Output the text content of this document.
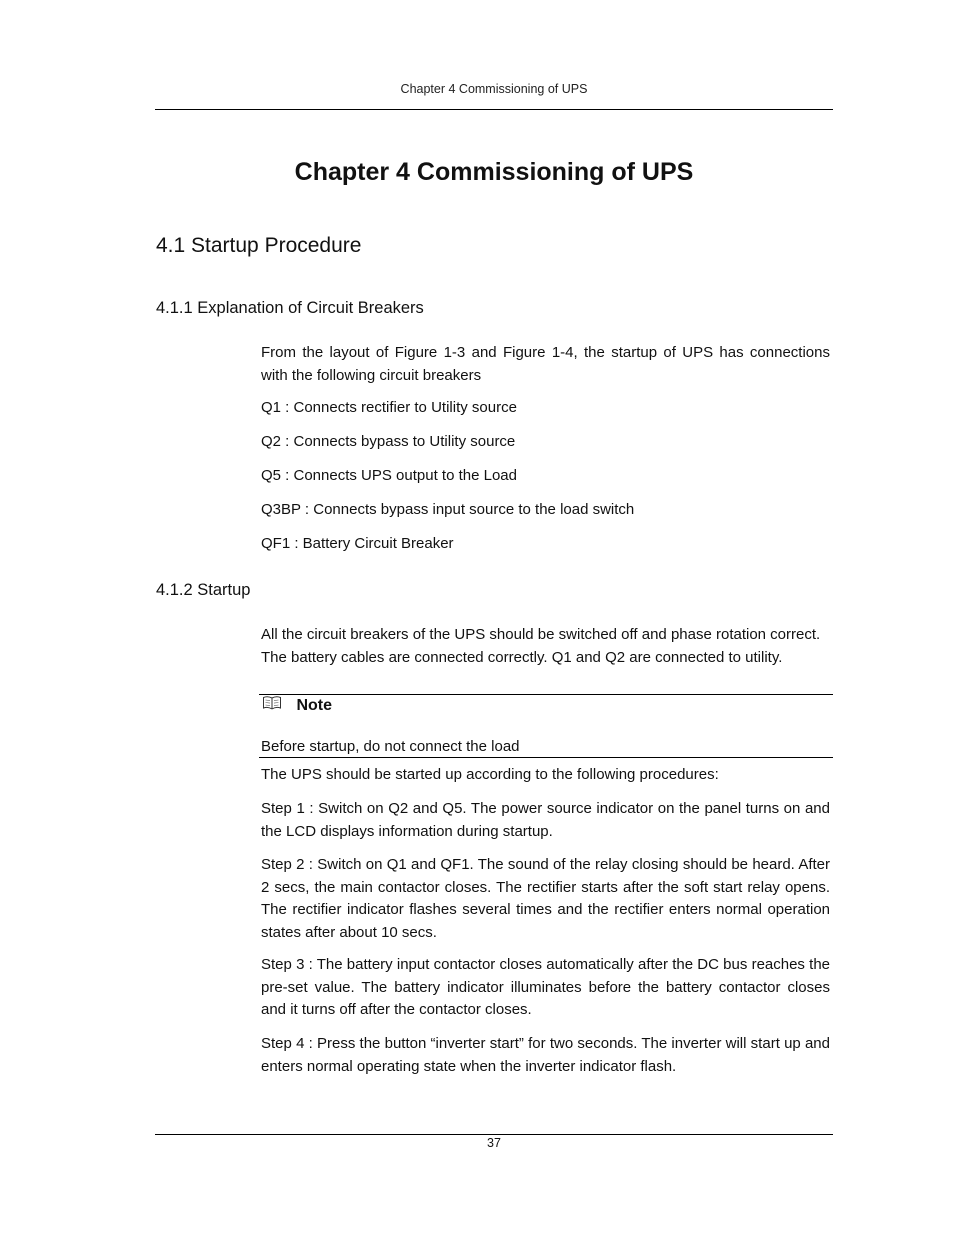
Chapter 4 Commissioning of UPS
Chapter 4 Commissioning of UPS
4.1 Startup Procedure
4.1.1 Explanation of Circuit Breakers

From the layout of Figure 1-3 and Figure 1-4, the startup of UPS has connections with the following circuit breakers

Q1 : Connects rectifier to Utility source

Q2 : Connects bypass to Utility source

Q5 : Connects UPS output to the Load

Q3BP : Connects bypass input source to the load switch

QF1 : Battery Circuit Breaker

4.1.2 Startup

All the circuit breakers of the UPS should be switched off and phase rotation correct. The battery cables are connected correctly. Q1 and Q2 are connected to utility.

Note

Before startup, do not connect the load

The UPS should be started up according to the following procedures:

Step 1 : Switch on Q2 and Q5. The power source indicator on the panel turns on and the LCD displays information during startup.

Step 2 : Switch on Q1 and QF1. The sound of the relay closing should be heard. After 2 secs, the main contactor closes. The rectifier starts after the soft start relay opens. The rectifier indicator flashes several times and the rectifier enters normal operation states after about 10 secs.

Step 3 : The battery input contactor closes automatically after the DC bus reaches the pre-set value. The battery indicator illuminates before the battery contactor closes and it turns off after the contactor closes.

Step 4 : Press the button “inverter start” for two seconds. The inverter will start up and enters normal operating state when the inverter indicator flash.

37
